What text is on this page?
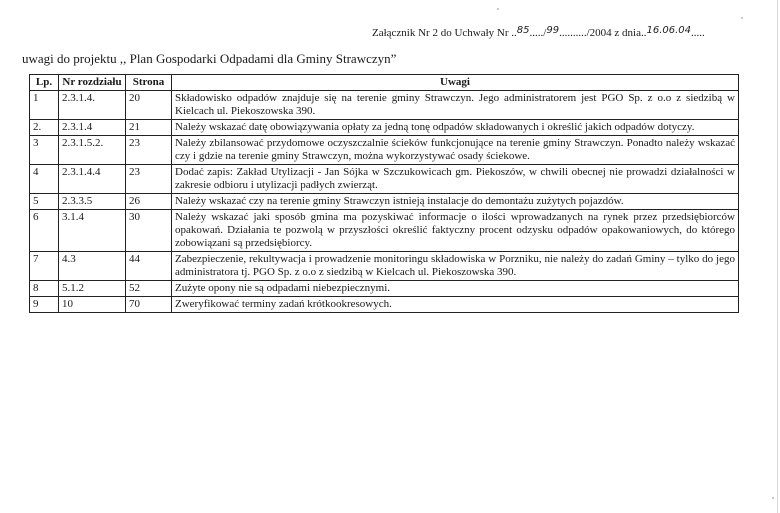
Załącznik Nr 2 do Uchwały Nr ..85...../99........../2004 z dnia..16.06.04.....
uwagi do projektu ,, Plan Gospodarki Odpadami dla Gminy Strawczyn”
Lp.	Nr rozdziału	Strona	Uwagi
1	2.3.1.4.	20	Składowisko odpadów znajduje się na terenie gminy Strawczyn. Jego administratorem jest PGO Sp. z o.o z siedzibą w Kielcach ul. Piekoszowska 390.
2.	2.3.1.4	21	Należy wskazać datę obowiązywania opłaty za jedną tonę odpadów składowanych i określić jakich odpadów dotyczy.
3	2.3.1.5.2.	23	Należy zbilansować przydomowe oczyszczalnie ścieków funkcjonujące na terenie gminy Strawczyn. Ponadto należy wskazać czy i gdzie na terenie gminy Strawczyn, można wykorzystywać osady ściekowe.
4	2.3.1.4.4	23	Dodać zapis: Zakład Utylizacji - Jan Sójka w Szczukowicach gm. Piekoszów, w chwili obecnej nie prowadzi działalności w zakresie odbioru i utylizacji padłych zwierząt.
5	2.3.3.5	26	Należy wskazać czy na terenie gminy Strawczyn istnieją instalacje do demontażu zużytych pojazdów.
6	3.1.4	30	Należy wskazać jaki sposób gmina ma pozyskiwać informacje o ilości wprowadzanych na rynek przez przedsiębiorców opakowań. Działania te pozwolą w przyszłości określić faktyczny procent odzysku odpadów opakowaniowych, do którego zobowiązani są przedsiębiorcy.
7	4.3	44	Zabezpieczenie, rekultywacja i prowadzenie monitoringu składowiska w Porzniku, nie należy do zadań Gminy – tylko do jego administratora tj. PGO Sp. z o.o z siedzibą w Kielcach ul. Piekoszowska 390.
8	5.1.2	52	Zużyte opony nie są odpadami niebezpiecznymi.
9	10	70	Zweryfikować terminy zadań krótkookresowych.
